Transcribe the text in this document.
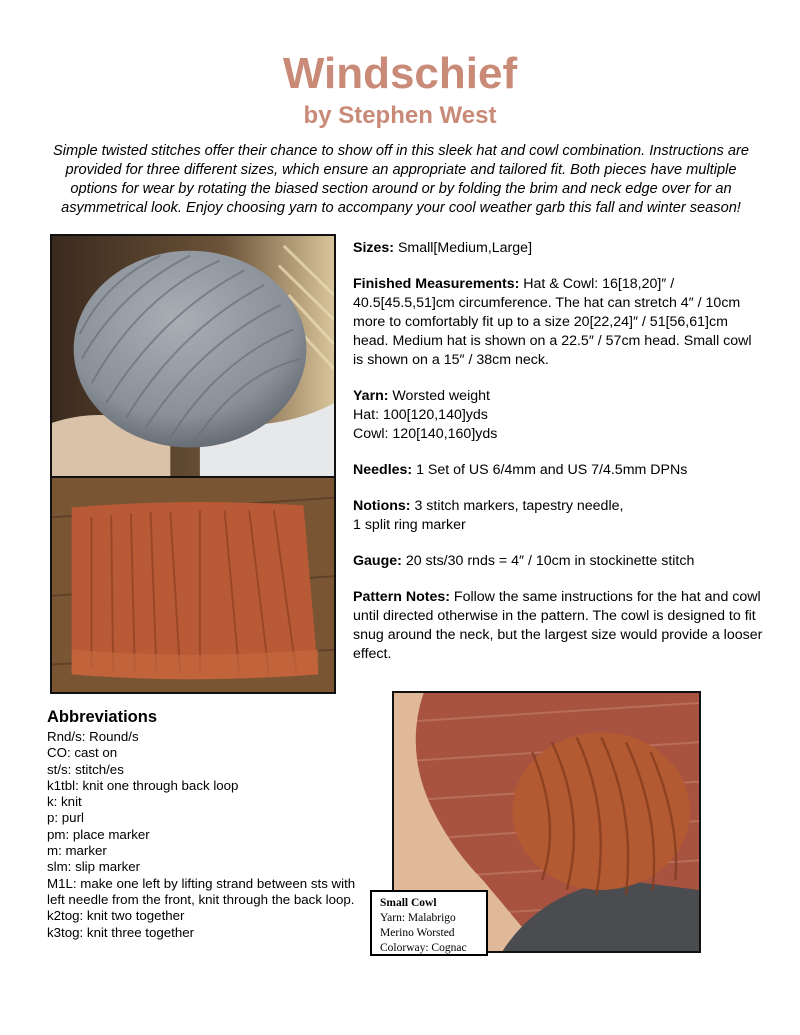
Windschief
by Stephen West
Simple twisted stitches offer their chance to show off in this sleek hat and cowl combination. Instructions are provided for three different sizes, which ensure an appropriate and tailored fit. Both pieces have multiple options for wear by rotating the biased section around or by folding the brim and neck edge over for an asymmetrical look. Enjoy choosing yarn to accompany your cool weather garb this fall and winter season!

Sizes: Small[Medium,Large]

Finished Measurements: Hat & Cowl: 16[18,20]″ / 40.5[45.5,51]cm circumference. The hat can stretch 4″ / 10cm more to comfortably fit up to a size 20[22,24]″ / 51[56,61]cm head. Medium hat is shown on a 22.5″ / 57cm head. Small cowl is shown on a 15″ / 38cm neck.

Yarn: Worsted weight
Hat: 100[120,140]yds
Cowl: 120[140,160]yds

Needles: 1 Set of US 6/4mm and US 7/4.5mm DPNs

Notions: 3 stitch markers, tapestry needle,
1 split ring marker

Gauge: 20 sts/30 rnds = 4″ / 10cm in stockinette stitch

Pattern Notes: Follow the same instructions for the hat and cowl until directed otherwise in the pattern. The cowl is designed to fit snug around the neck, but the largest size would provide a looser effect.

Abbreviations
Rnd/s: Round/s
CO: cast on
st/s: stitch/es
k1tbl: knit one through back loop
k: knit
p: purl
pm: place marker
m: marker
slm: slip marker
M1L: make one left by lifting strand between sts with left needle from the front, knit through the back loop.
k2tog: knit two together
k3tog: knit three together
Small Cowl
Yarn: Malabrigo
Merino Worsted
Colorway: Cognac
